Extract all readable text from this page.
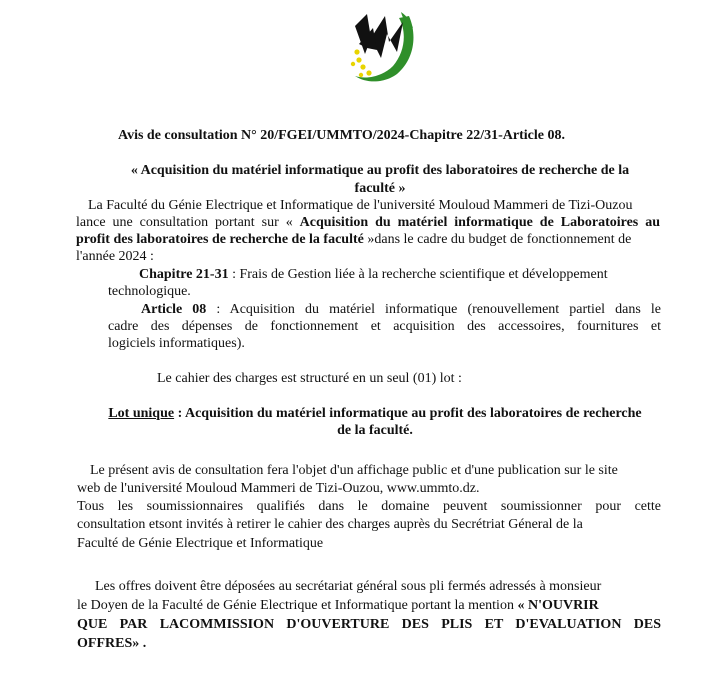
Avis de consultation N° 20/FGEI/UMMTO/2024-Chapitre 22/31-Article 08.
« Acquisition du matériel informatique au profit des laboratoires de recherche de la
faculté »
La Faculté du Génie Electrique et Informatique de l'université Mouloud Mammeri de Tizi-Ouzou
lance une consultation portant sur « Acquisition du matériel informatique de Laboratoires au
profit des laboratoires de recherche de la faculté »dans le cadre du budget de fonctionnement de
l'année 2024 :
Chapitre 21-31 : Frais de Gestion liée à la recherche scientifique et développement
technologique.
Article 08 : Acquisition du matériel informatique (renouvellement partiel dans le
cadre des dépenses de fonctionnement et acquisition des accessoires, fournitures et
logiciels informatiques).
Le cahier des charges est structuré en un seul (01) lot :
Lot unique : Acquisition du matériel informatique au profit des laboratoires de recherche
de la faculté.
Le présent avis de consultation fera l'objet d'un affichage public et d'une publication sur le site
web de l'université Mouloud Mammeri de Tizi-Ouzou, www.ummto.dz.
Tous les soumissionnaires qualifiés dans le domaine peuvent soumissionner pour cette
consultation etsont invités à retirer le cahier des charges auprès du Secrétriat Géneral de la
Faculté de Génie Electrique et Informatique
Les offres doivent être déposées au secrétariat général sous pli fermés adressés à monsieur
le Doyen de la Faculté de Génie Electrique et Informatique portant la mention « N'OUVRIR
QUE PAR LACOMMISSION D'OUVERTURE DES PLIS ET D'EVALUATION DES
OFFRES» .
